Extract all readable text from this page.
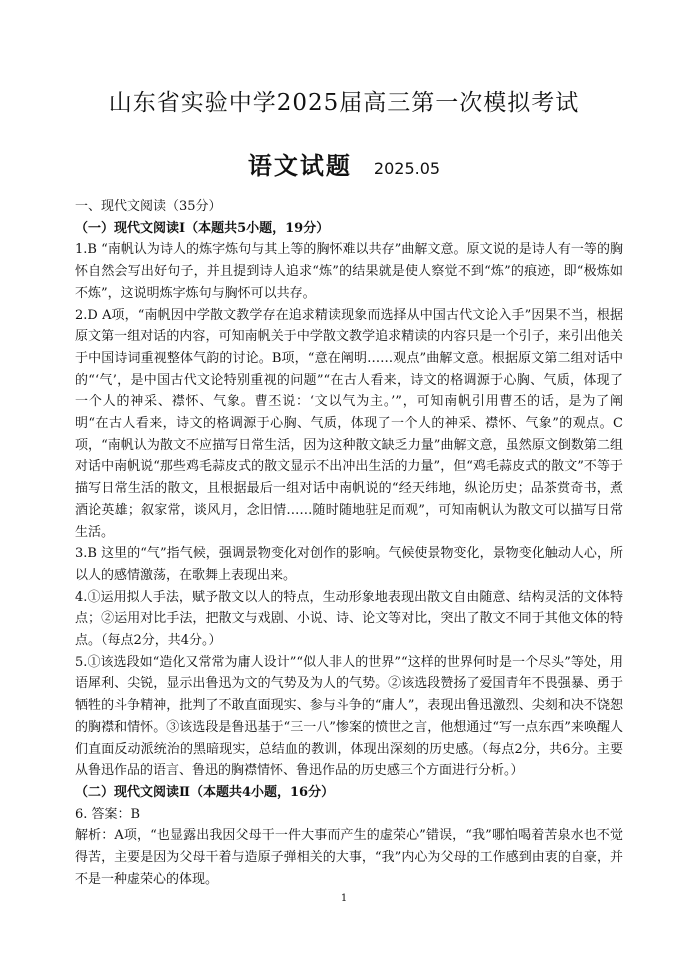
山东省实验中学2025届高三第一次模拟考试
语文试题 2025.05

一、现代文阅读（35分）

（一）现代文阅读Ⅰ（本题共5小题，19分）

1.B “南帆认为诗人的炼字炼句与其上等的胸怀难以共存”曲解文意。原文说的是诗人有一等的胸怀自然会写出好句子，并且提到诗人追求“炼”的结果就是使人察觉不到“炼”的痕迹，即“极炼如不炼”，这说明炼字炼句与胸怀可以共存。

2.D A项，“南帆因中学散文教学存在追求精读现象而选择从中国古代文论入手”因果不当，根据原文第一组对话的内容，可知南帆关于中学散文教学追求精读的内容只是一个引子，来引出他关于中国诗词重视整体气韵的讨论。B项，“意在阐明……观点”曲解文意。根据原文第二组对话中的“‘气’，是中国古代文论特别重视的问题”“在古人看来，诗文的格调源于心胸、气质，体现了一个人的神采、襟怀、气象。曹丕说：‘文以气为主。’”，可知南帆引用曹丕的话，是为了阐明“在古人看来，诗文的格调源于心胸、气质，体现了一个人的神采、襟怀、气象”的观点。C项，“南帆认为散文不应描写日常生活，因为这种散文缺乏力量”曲解文意，虽然原文倒数第二组对话中南帆说“那些鸡毛蒜皮式的散文显示不出冲出生活的力量”，但“鸡毛蒜皮式的散文”不等于描写日常生活的散文，且根据最后一组对话中南帆说的“经天纬地，纵论历史；品茶赏奇书，煮酒论英雄；叙家常，谈风月，念旧情……随时随地驻足而观”，可知南帆认为散文可以描写日常生活。

3.B 这里的“气”指气候，强调景物变化对创作的影响。气候使景物变化，景物变化触动人心，所以人的感情激荡，在歌舞上表现出来。

4.①运用拟人手法，赋予散文以人的特点，生动形象地表现出散文自由随意、结构灵活的文体特点；②运用对比手法，把散文与戏剧、小说、诗、论文等对比，突出了散文不同于其他文体的特点。（每点2分，共4分。）

5.①该选段如“造化又常常为庸人设计”“似人非人的世界”“这样的世界何时是一个尽头”等处，用语犀利、尖锐，显示出鲁迅为文的气势及为人的气势。②该选段赞扬了爱国青年不畏强暴、勇于牺牲的斗争精神，批判了不敢直面现实、参与斗争的“庸人”，表现出鲁迅激烈、尖刻和决不饶恕的胸襟和情怀。③该选段是鲁迅基于“三一八”惨案的愤世之言，他想通过“写一点东西”来唤醒人们直面反动派统治的黑暗现实，总结血的教训，体现出深刻的历史感。（每点2分，共6分。主要从鲁迅作品的语言、鲁迅的胸襟情怀、鲁迅作品的历史感三个方面进行分析。）

（二）现代文阅读Ⅱ（本题共4小题，16分）

6. 答案：B

解析：A项，“也显露出我因父母干一件大事而产生的虚荣心”错误，“我”哪怕喝着苦泉水也不觉得苦，主要是因为父母干着与造原子弹相关的大事，“我”内心为父母的工作感到由衷的自豪，并不是一种虚荣心的体现。

1
